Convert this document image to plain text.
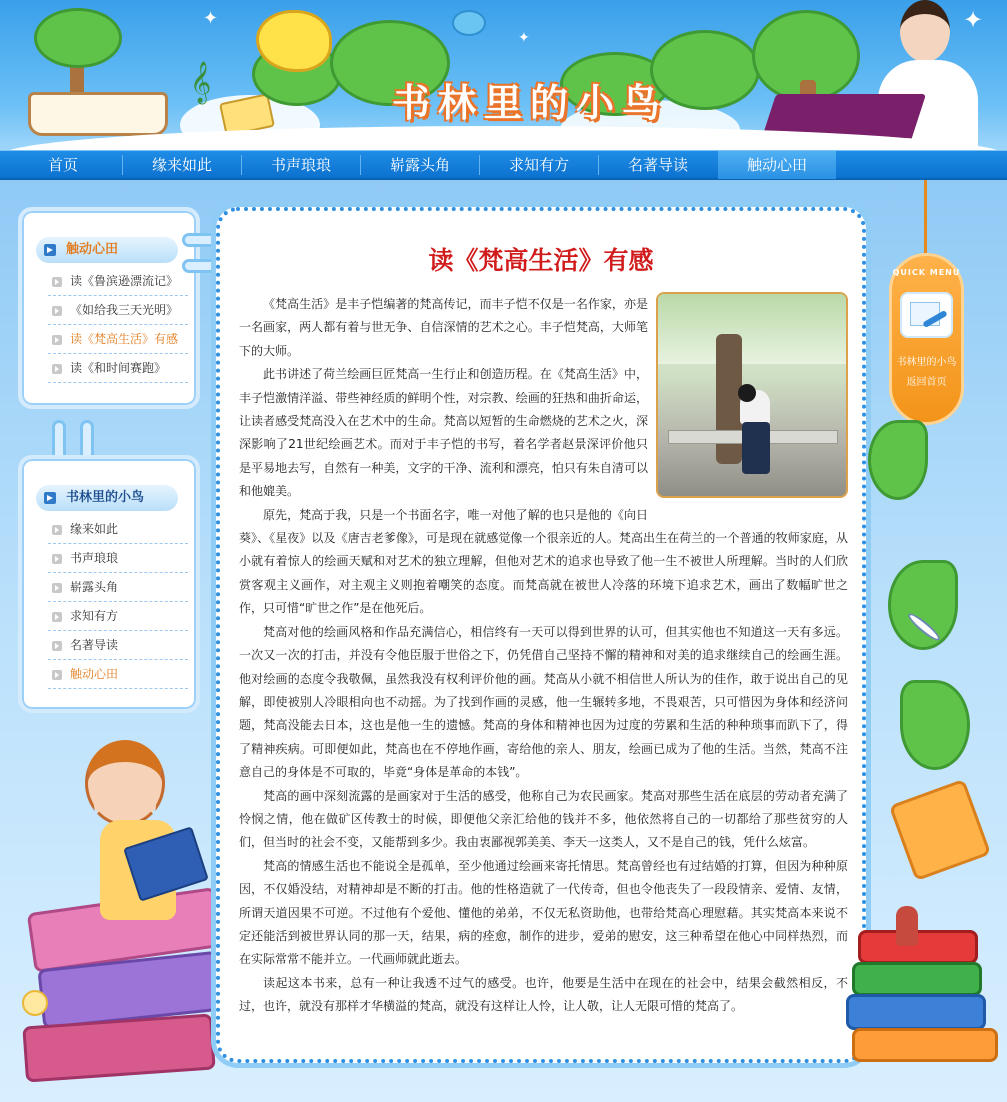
✦
✦
✦
𝄞	书林里的小鸟
首页	缘来如此	书声琅琅	崭露头角	求知有方	名著导读	触动心田
触动心田
读《鲁滨逊漂流记》
《如给我三天光明》
读《梵高生活》有感
读《和时间赛跑》
书林里的小鸟
缘来如此
书声琅琅
崭露头角
求知有方
名著导读
触动心田
读《梵高生活》有感

《梵高生活》是丰子恺编著的梵高传记，而丰子恺不仅是一名作家，亦是一名画家，两人都有着与世无争、自信深情的艺术之心。丰子恺梵高，大师笔下的大师。

此书讲述了荷兰绘画巨匠梵高一生行止和创造历程。在《梵高生活》中，丰子恺激情洋溢、带些神经质的鲜明个性，对宗教、绘画的狂热和曲折命运，让读者感受梵高没入在艺术中的生命。梵高以短暂的生命燃烧的艺术之火，深深影响了21世纪绘画艺术。而对于丰子恺的书写，着名学者赵景深评价他只是平易地去写，自然有一种美，文字的干净、流利和漂亮，怕只有朱自清可以和他媲美。

原先，梵高于我，只是一个书面名字，唯一对他了解的也只是他的《向日葵》、《星夜》以及《唐吉老爹像》，可是现在就感觉像一个很亲近的人。梵高出生在荷兰的一个普通的牧师家庭，从小就有着惊人的绘画天赋和对艺术的独立理解，但他对艺术的追求也导致了他一生不被世人所理解。当时的人们欣赏客观主义画作，对主观主义则抱着嘲笑的态度。而梵高就在被世人冷落的环境下追求艺术，画出了数幅旷世之作，只可惜“旷世之作”是在他死后。

梵高对他的绘画风格和作品充满信心，相信终有一天可以得到世界的认可，但其实他也不知道这一天有多远。一次又一次的打击，并没有令他臣服于世俗之下，仍凭借自己坚持不懈的精神和对美的追求继续自己的绘画生涯。他对绘画的态度令我敬佩，虽然我没有权利评价他的画。梵高从小就不相信世人所认为的佳作，敢于说出自己的见解，即使被别人冷眼相向也不动摇。为了找到作画的灵感，他一生辗转多地，不畏艰苦，只可惜因为身体和经济问题，梵高没能去日本，这也是他一生的遗憾。梵高的身体和精神也因为过度的劳累和生活的种种琐事而趴下了，得了精神疾病。可即便如此，梵高也在不停地作画，寄给他的亲人、朋友，绘画已成为了他的生活。当然，梵高不注意自己的身体是不可取的，毕竟“身体是革命的本钱”。

梵高的画中深刻流露的是画家对于生活的感受，他称自己为农民画家。梵高对那些生活在底层的劳动者充满了怜悯之情，他在做矿区传教士的时候，即便他父亲汇给他的钱并不多，他依然将自己的一切都给了那些贫穷的人们，但当时的社会不变，又能帮到多少。我由衷鄙视郭美美、李天一这类人，又不是自己的钱，凭什么炫富。

梵高的情感生活也不能说全是孤单，至少他通过绘画来寄托情思。梵高曾经也有过结婚的打算，但因为种种原因，不仅婚没结，对精神却是不断的打击。他的性格造就了一代传奇，但也令他丧失了一段段情亲、爱情、友情，所谓天道因果不可逆。不过他有个爱他、懂他的弟弟，不仅无私资助他，也带给梵高心理慰藉。其实梵高本来说不定还能活到被世界认同的那一天，结果，病的痊愈，制作的进步，爱弟的慰安，这三种希望在他心中同样热烈，而在实际常常不能并立。一代画师就此逝去。

读起这本书来，总有一种让我透不过气的感受。也许，他要是生活中在现在的社会中，结果会截然相反，不过，也许，就没有那样才华横溢的梵高，就没有这样让人怜，让人敬，让人无限可惜的梵高了。

QUICK MENU
书林里的小鸟
返回首页
